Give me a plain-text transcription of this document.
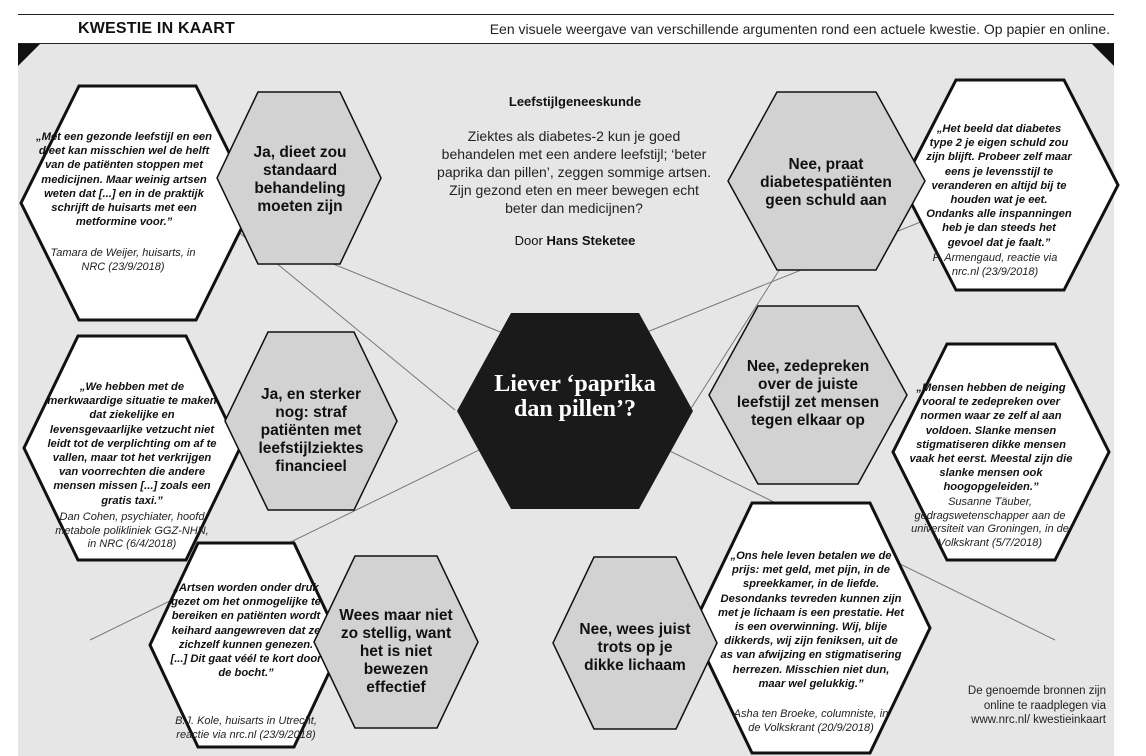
KWESTIE IN KAART	Een visuele weergave van verschillende argumenten rond een actuele kwestie. Op papier en online.
Leefstijlgeneeskunde
Ziektes als diabetes-2 kun je goed behandelen met een andere leefstijl; ‘beter paprika dan pillen’, zeggen sommige artsen. Zijn gezond eten en meer bewegen echt beter dan medicijnen?
Door Hans Steketee
Liever ‘paprika dan pillen’?
Ja, dieet zou standaard behandeling moeten zijn
Nee, praat diabetespatiënten geen schuld aan
Ja, en sterker nog: straf patiënten met leefstijlziektes financieel
Nee, zedepreken over de juiste leefstijl zet mensen tegen elkaar op
Wees maar niet zo stellig, want het is niet bewezen effectief
Nee, wees juist trots op je dikke lichaam
„Met een gezonde leefstijl en een dieet kan misschien wel de helft van de patiënten stoppen met medicijnen. Maar weinig artsen weten dat [...] en in de praktijk schrijft de huisarts met een metformine voor.”
Tamara de Weijer, huisarts, in NRC (23/9/2018)
„Het beeld dat diabetes type 2 je eigen schuld zou zijn blijft. Probeer zelf maar eens je levensstijl te veranderen en altijd bij te houden wat je eet. Ondanks alle inspanningen heb je dan steeds het gevoel dat je faalt.”
P. Armengaud, reactie via nrc.nl (23/9/2018)
„We hebben met de merkwaardige situatie te maken dat ziekelijke en levensgevaarlijke vetzucht niet leidt tot de verplichting om af te vallen, maar tot het verkrijgen van voorrechten die andere mensen missen [...] zoals een gratis taxi.”
Dan Cohen, psychiater, hoofd metabole polikliniek GGZ-NHN, in NRC (6/4/2018)
„Mensen hebben de neiging vooral te zedepreken over normen waar ze zelf al aan voldoen. Slanke mensen stigmatiseren dikke mensen vaak het eerst. Meestal zijn die slanke mensen ook hoogopgeleiden.”
Susanne Täuber, gedragswetenschapper aan de universiteit van Groningen, in de Volkskrant (5/7/2018)
„Artsen worden onder druk gezet om het onmogelijke te bereiken en patiënten wordt keihard aangewreven dat ze zichzelf kunnen genezen. [...] Dit gaat véél te kort door de bocht.”
B.J. Kole, huisarts in Utrecht, reactie via nrc.nl (23/9/2018)
„Ons hele leven betalen we de prijs: met geld, met pijn, in de spreekkamer, in de liefde. Desondanks tevreden kunnen zijn met je lichaam is een prestatie. Het is een overwinning. Wij, blije dikkerds, wij zijn feniksen, uit de as van afwijzing en stigmatisering herrezen. Misschien niet dun, maar wel gelukkig.”
Asha ten Broeke, columniste, in de Volkskrant (20/9/2018)
De genoemde bronnen zijn online te raadplegen via www.nrc.nl/ kwestieinkaart
